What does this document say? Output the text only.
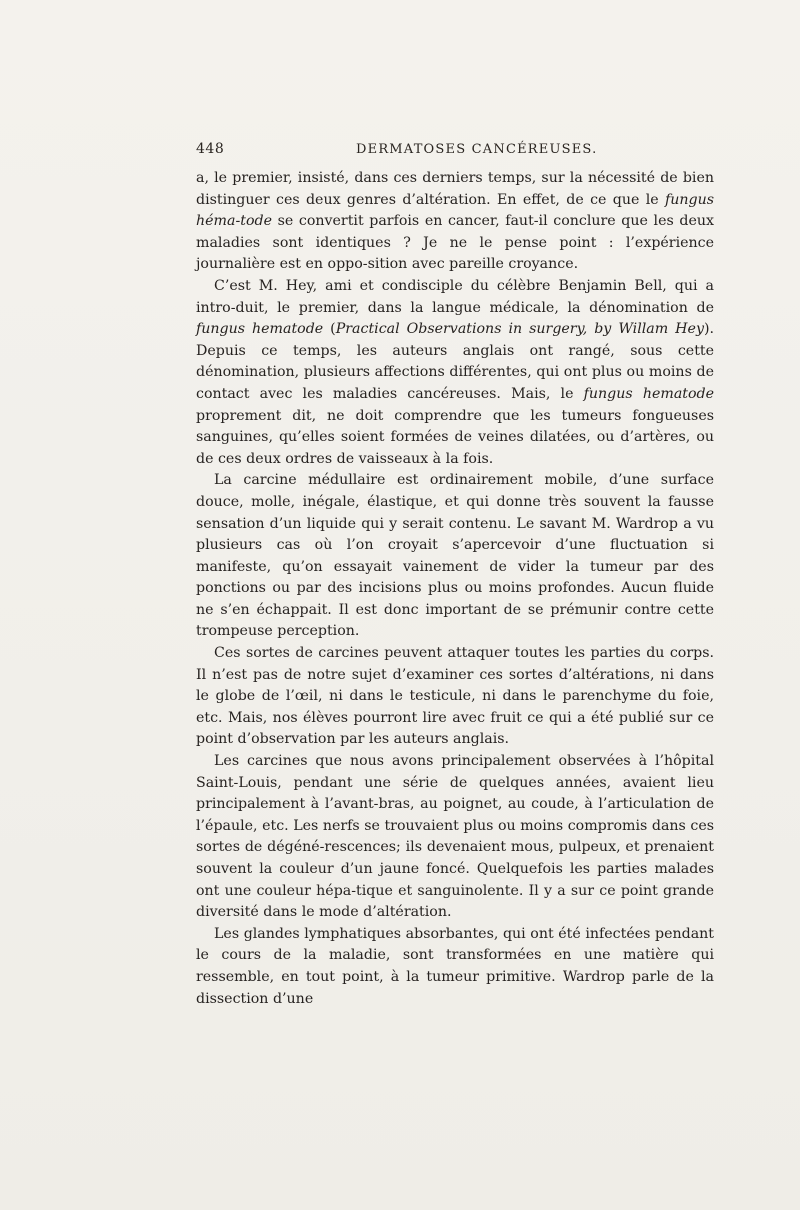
448	DERMATOSES CANCÉREUSES.

a, le premier, insisté, dans ces derniers temps, sur la nécessité de bien distinguer ces deux genres d’altération. En effet, de ce que le fungus héma-tode se convertit parfois en cancer, faut-il conclure que les deux maladies sont identiques ? Je ne le pense point : l’expérience journalière est en oppo-sition avec pareille croyance.

C’est M. Hey, ami et condisciple du célèbre Benjamin Bell, qui a intro-duit, le premier, dans la langue médicale, la dénomination de fungus hematode (Practical Observations in surgery, by Willam Hey). Depuis ce temps, les auteurs anglais ont rangé, sous cette dénomination, plusieurs affections différentes, qui ont plus ou moins de contact avec les maladies cancéreuses. Mais, le fungus hematode proprement dit, ne doit comprendre que les tumeurs fongueuses sanguines, qu’elles soient formées de veines dilatées, ou d’artères, ou de ces deux ordres de vaisseaux à la fois.

La carcine médullaire est ordinairement mobile, d’une surface douce, molle, inégale, élastique, et qui donne très souvent la fausse sensation d’un liquide qui y serait contenu. Le savant M. Wardrop a vu plusieurs cas où l’on croyait s’apercevoir d’une fluctuation si manifeste, qu’on essayait vainement de vider la tumeur par des ponctions ou par des incisions plus ou moins profondes. Aucun fluide ne s’en échappait. Il est donc important de se prémunir contre cette trompeuse perception.

Ces sortes de carcines peuvent attaquer toutes les parties du corps. Il n’est pas de notre sujet d’examiner ces sortes d’altérations, ni dans le globe de l’œil, ni dans le testicule, ni dans le parenchyme du foie, etc. Mais, nos élèves pourront lire avec fruit ce qui a été publié sur ce point d’observation par les auteurs anglais.

Les carcines que nous avons principalement observées à l’hôpital Saint-Louis, pendant une série de quelques années, avaient lieu principalement à l’avant-bras, au poignet, au coude, à l’articulation de l’épaule, etc. Les nerfs se trouvaient plus ou moins compromis dans ces sortes de dégéné-rescences; ils devenaient mous, pulpeux, et prenaient souvent la couleur d’un jaune foncé. Quelquefois les parties malades ont une couleur hépa-tique et sanguinolente. Il y a sur ce point grande diversité dans le mode d’altération.

Les glandes lymphatiques absorbantes, qui ont été infectées pendant le cours de la maladie, sont transformées en une matière qui ressemble, en tout point, à la tumeur primitive. Wardrop parle de la dissection d’une
